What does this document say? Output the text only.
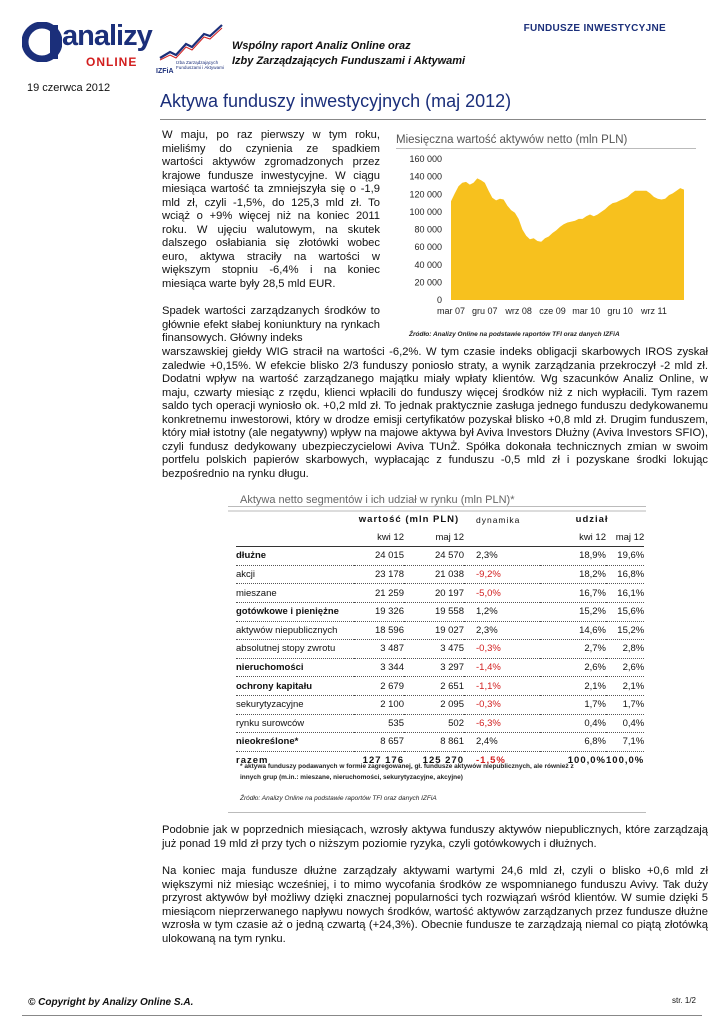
analizy
ONLINE	Izba Zarządzających Funduszami i Aktywami
IZFiA
Wspólny raport Analiz Online oraz
Izby Zarządzających Funduszami i Aktywami
FUNDUSZE INWESTYCYJNE
19 czerwca 2012
Aktywa funduszy inwestycyjnych (maj 2012)
W maju, po raz pierwszy w tym roku, mieliśmy do czynienia ze spadkiem wartości aktywów zgromadzonych przez krajowe fundusze inwestycyjne. W ciągu miesiąca wartość ta zmniejszyła się o -1,9 mld zł, czyli -1,5%, do 125,3 mld zł. To wciąż o +9% więcej niż na koniec 2011 roku. W ujęciu walutowym, na skutek dalszego osłabiania się złotówki wobec euro, aktywa straciły na wartości w większym stopniu -6,4% i na koniec miesiąca warte były 28,5 mld EUR.
Spadek wartości zarządzanych środków to głównie efekt słabej koniunktury na rynkach finansowych. Główny indeks
warszawskiej giełdy WIG stracił na wartości -6,2%. W tym czasie indeks obligacji skarbowych IROS zyskał zaledwie +0,15%. W efekcie blisko 2/3 funduszy poniosło straty, a wynik zarządzania przekroczył -2 mld zł. Dodatni wpływ na wartość zarządzanego majątku miały wpłaty klientów. Wg szacunków Analiz Online, w maju, czwarty miesiąc z rzędu, klienci wpłacili do funduszy więcej środków niż z nich wypłacili. Tym razem saldo tych operacji wyniosło ok. +0,2 mld zł. To jednak praktycznie zasługa jednego funduszu dedykowanemu konkretnemu inwestorowi, który w drodze emisji certyfikatów pozyskał blisko +0,8 mld zł. Drugim funduszem, który miał istotny (ale negatywny) wpływ na majowe aktywa był Aviva Investors Dłużny (Aviva Investors SFIO), czyli fundusz dedykowany ubezpieczycielowi Aviva TUnŻ. Spółka dokonała technicznych zmian w swoim portfelu polskich papierów skarbowych, wypłacając z funduszu -0,5 mld zł i pozyskane środki lokując bezpośrednio na rynku długu.
Miesięczna wartość aktywów netto (mln PLN)
0
20 000
40 000
60 000
80 000
100 000
120 000
140 000
160 000
mar 07 gru 07 wrz 08 cze 09 mar 10 gru 10 wrz 11
Źródło: Analizy Online na podstawie raportów TFI oraz danych IZFiA
Aktywa netto segmentów i ich udział w rynku (mln PLN)*
	wartość (mln PLN)		dynamika	udział	
	kwi 12	maj 12		kwi 12	maj 12
dłużne	24 015	24 570	2,3%	18,9%	19,6%
akcji	23 178	21 038	-9,2%	18,2%	16,8%
mieszane	21 259	20 197	-5,0%	16,7%	16,1%
gotówkowe i pieniężne	19 326	19 558	1,2%	15,2%	15,6%
aktywów niepublicznych	18 596	19 027	2,3%	14,6%	15,2%
absolutnej stopy zwrotu	3 487	3 475	-0,3%	2,7%	2,8%
nieruchomości	3 344	3 297	-1,4%	2,6%	2,6%
ochrony kapitału	2 679	2 651	-1,1%	2,1%	2,1%
sekurytyzacyjne	2 100	2 095	-0,3%	1,7%	1,7%
rynku surowców	535	502	-6,3%	0,4%	0,4%
nieokreślone*	8 657	8 861	2,4%	6,8%	7,1%
razem	127 176	125 270	-1,5%	100,0%	100,0%
* aktywa funduszy podawanych w formie zagregowanej, gł. fundusze aktywów niepublicznych, ale również z
innych grup (m.in.: mieszane, nieruchomości, sekurytyzacyjne, akcyjne)
Źródło: Analizy Online na podstawie raportów TFI oraz danych IZFiA
Podobnie jak w poprzednich miesiącach, wzrosły aktywa funduszy aktywów niepublicznych, które zarządzają już ponad 19 mld zł przy tych o niższym poziomie ryzyka, czyli gotówkowych i dłużnych.
Na koniec maja fundusze dłużne zarządzały aktywami wartymi 24,6 mld zł, czyli o blisko +0,6 mld zł większymi niż miesiąc wcześniej, i to mimo wycofania środków ze wspomnianego funduszu Avivy. Tak duży przyrost aktywów był możliwy dzięki znacznej popularności tych rozwiązań wśród klientów. W sumie dzięki 5 miesiącom nieprzerwanego napływu nowych środków, wartość aktywów zarządzanych przez fundusze dłużne wzrosła w tym czasie aż o jedną czwartą (+24,3%). Obecnie fundusze te zarządzają niemal co piątą złotówką ulokowaną na tym rynku.
© Copyright by Analizy Online S.A.	str. 1/2
